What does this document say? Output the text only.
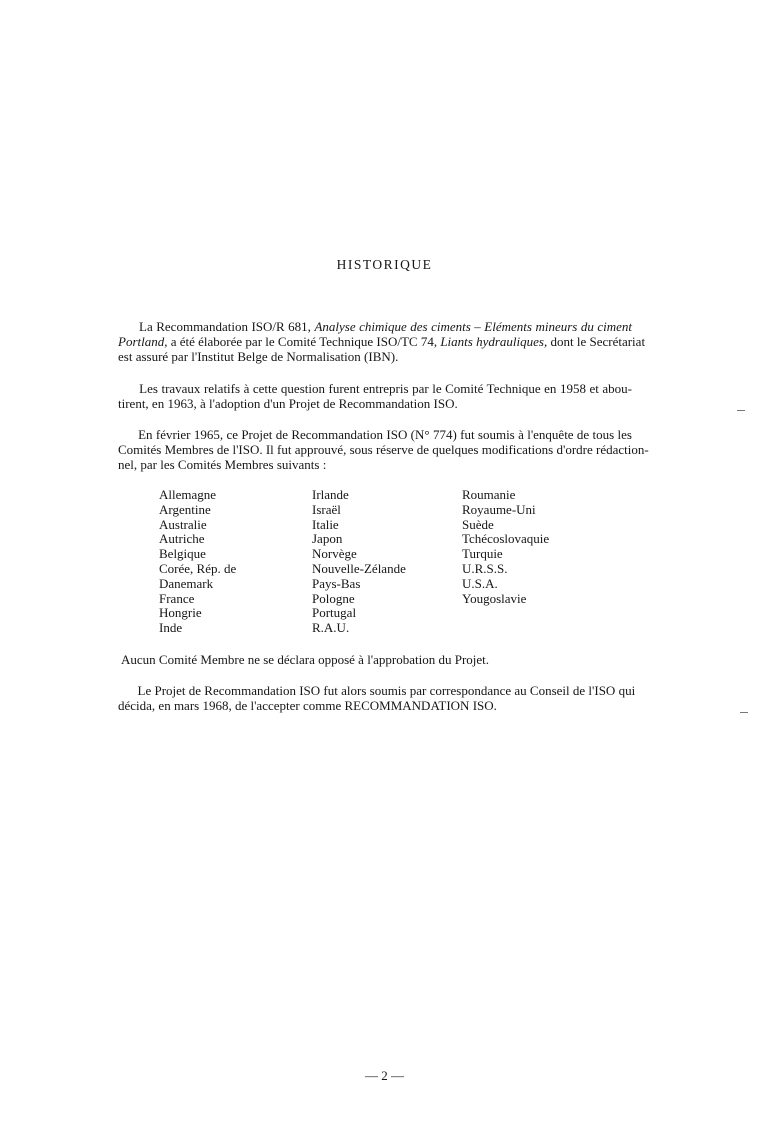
HISTORIQUE
La Recommandation ISO/R 681, Analyse chimique des ciments – Eléments mineurs du ciment
Portland, a été élaborée par le Comité Technique ISO/TC 74, Liants hydrauliques, dont le Secrétariat
est assuré par l'Institut Belge de Normalisation (IBN).
Les travaux relatifs à cette question furent entrepris par le Comité Technique en 1958 et abou-
tirent, en 1963, à l'adoption d'un Projet de Recommandation ISO.
En février 1965, ce Projet de Recommandation ISO (N° 774) fut soumis à l'enquête de tous les
Comités Membres de l'ISO. Il fut approuvé, sous réserve de quelques modifications d'ordre rédaction-
nel, par les Comités Membres suivants :
Allemagne
Argentine
Australie
Autriche
Belgique
Corée, Rép. de
Danemark
France
Hongrie
Inde
Irlande
Israël
Italie
Japon
Norvège
Nouvelle-Zélande
Pays-Bas
Pologne
Portugal
R.A.U.
Roumanie
Royaume-Uni
Suède
Tchécoslovaquie
Turquie
U.R.S.S.
U.S.A.
Yougoslavie
Aucun Comité Membre ne se déclara opposé à l'approbation du Projet.
Le Projet de Recommandation ISO fut alors soumis par correspondance au Conseil de l'ISO qui
décida, en mars 1968, de l'accepter comme RECOMMANDATION ISO.
— 2 —
